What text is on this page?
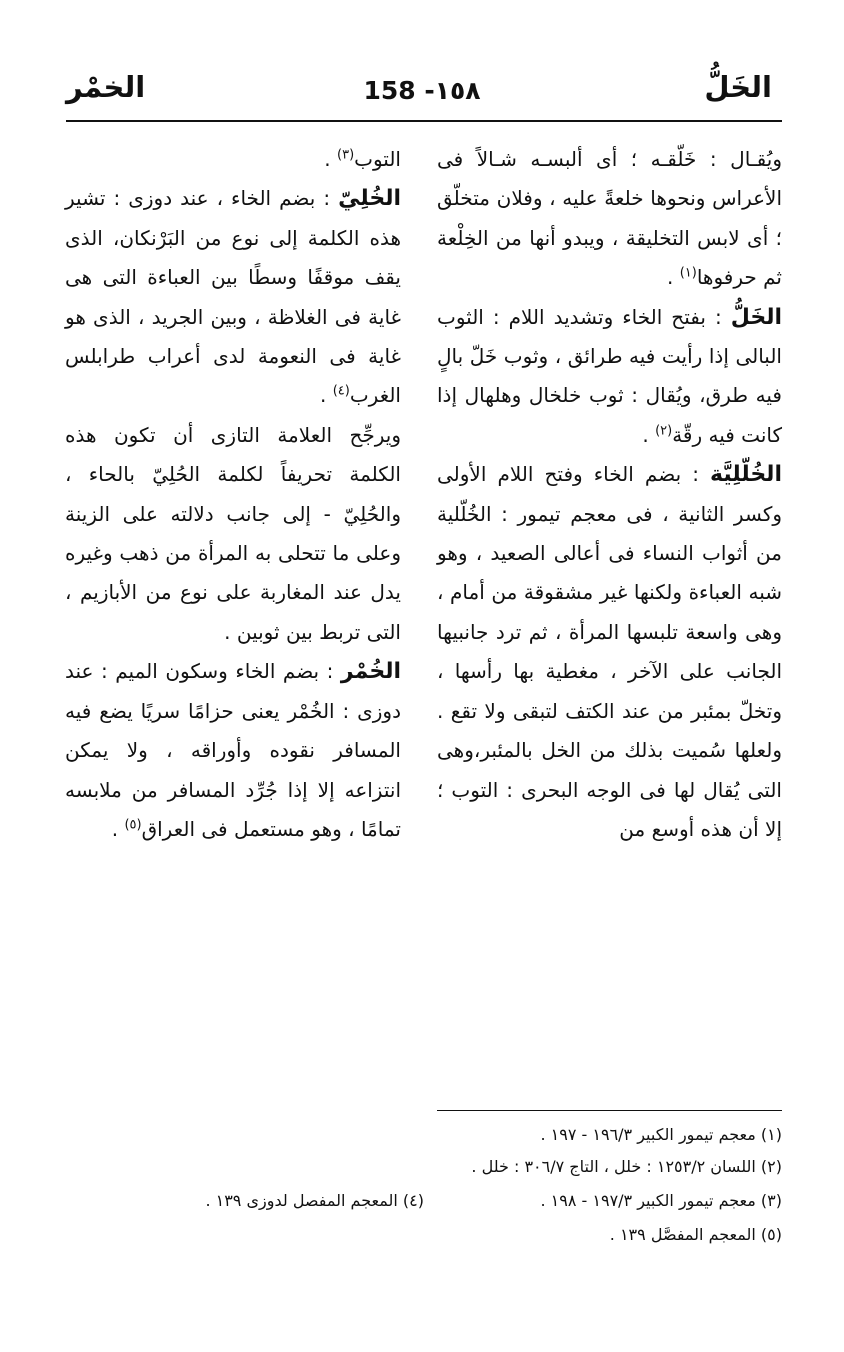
الخَلُّ
158 -١٥٨
الخمْر

ويُقـال : خَلّقـه ؛ أى ألبسـه شـالاً فى الأعراس ونحوها خلعةً عليه ، وفلان متخلّق ؛ أى لابس التخليقة ، ويبدو أنها من الخِلْعة ثم حرفوها$^{(١)}$ .

الخَلُّ : بفتح الخاء وتشديد اللام : الثوب البالى إذا رأيت فيه طرائق ، وثوب خَلّ بالٍ فيه طرق، ويُقال : ثوب خلخال وهلهال إذا كانت فيه رقّة$^{(٢)}$ .

الخُلّلِيَّة : بضم الخاء وفتح اللام الأولى وكسر الثانية ، فى معجم تيمور : الخُلّلية من أثواب النساء فى أعالى الصعيد ، وهو شبه العباءة ولكنها غير مشقوقة من أمام ، وهى واسعة تلبسها المرأة ، ثم ترد جانبيها الجانب على الآخر ، مغطية بها رأسها ، وتخلّ بمئبر من عند الكتف لتبقى ولا تقع . ولعلها سُميت بذلك من الخل بالمئبر،وهى التى يُقال لها فى الوجه البحرى : التوب ؛ إلا أن هذه أوسع من

التوب$^{(٣)}$ .

الخُلِيّ : بضم الخاء ، عند دوزى : تشير هذه الكلمة إلى نوع من البَرْنكان، الذى يقف موقفًا وسطًا بين العباءة التى هى غاية فى الغلاظة ، وبين الجريد ، الذى هو غاية فى النعومة لدى أعراب طرابلس الغرب$^{(٤)}$ .

ويرجِّح العلامة التازى أن تكون هذه الكلمة تحريفاً لكلمة الحُلِيّ بالحاء ، والحُلِيّ - إلى جانب دلالته على الزينة وعلى ما تتحلى به المرأة من ذهب وغيره يدل عند المغاربة على نوع من الأبازيم ، التى تربط بين ثوبين .

الخُمْر : بضم الخاء وسكون الميم : عند دوزى : الخُمْر يعنى حزامًا سريًا يضع فيه المسافر نقوده وأوراقه ، ولا يمكن انتزاعه إلا إذا جُرِّد المسافر من ملابسه تمامًا ، وهو مستعمل فى العراق$^{(٥)}$ .

(١) معجم تيمور الكبير ١٩٦/٣ - ١٩٧ .
(٢) اللسان ١٢٥٣/٢ : خلل ، التاج ٣٠٦/٧ : خلل .
(٣) معجم تيمور الكبير ١٩٧/٣ - ١٩٨ .
(٤) المعجم المفصل لدوزى ١٣٩ .
(٥) المعجم المفصَّل ١٣٩ .
